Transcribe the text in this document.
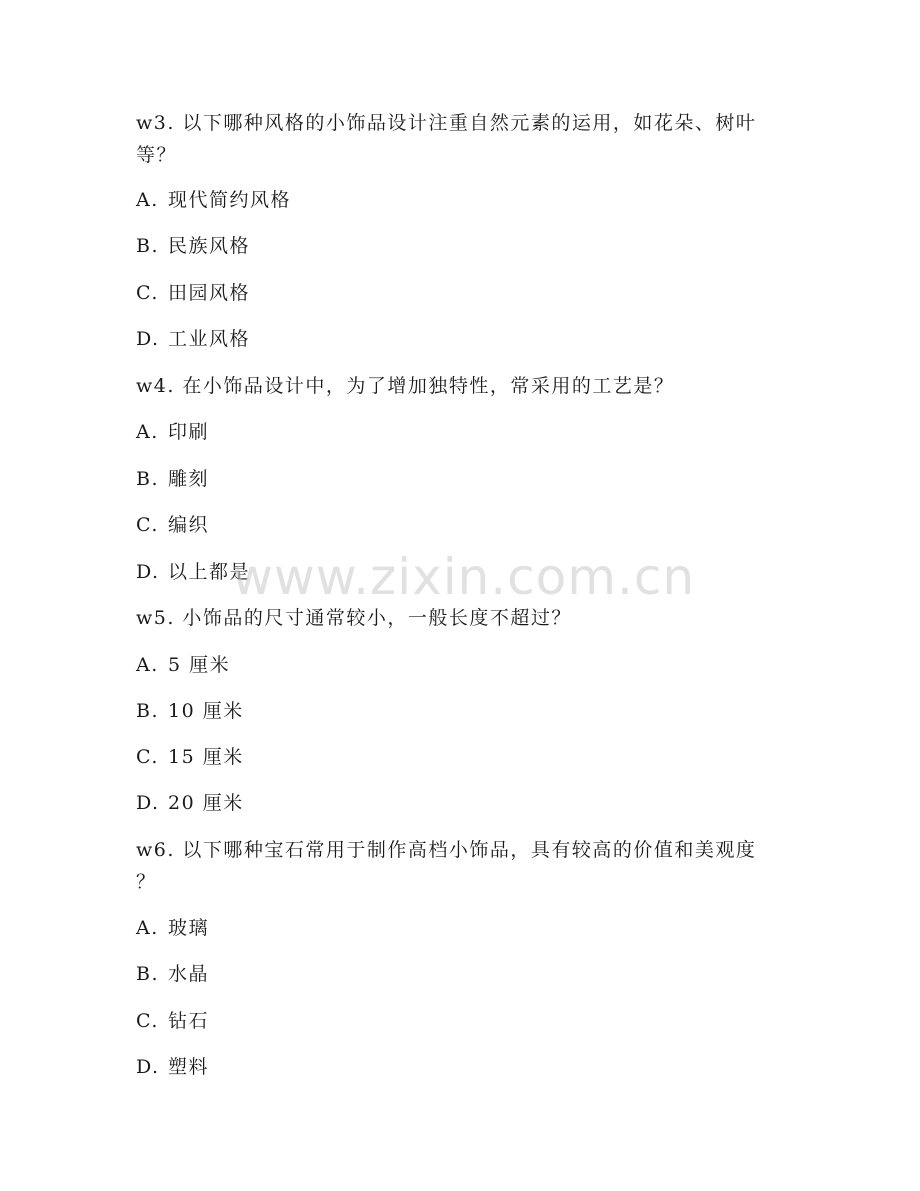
w3. 以下哪种风格的小饰品设计注重自然元素的运用，如花朵、树叶
等？
A. 现代简约风格
B. 民族风格
C. 田园风格
D. 工业风格
w4. 在小饰品设计中，为了增加独特性，常采用的工艺是？
A. 印刷
B. 雕刻
C. 编织
D. 以上都是
w5. 小饰品的尺寸通常较小，一般长度不超过？
A. 5 厘米
B. 10 厘米
C. 15 厘米
D. 20 厘米
w6. 以下哪种宝石常用于制作高档小饰品，具有较高的价值和美观度
？
A. 玻璃
B. 水晶
C. 钻石
D. 塑料
www.zixin.com.cn
